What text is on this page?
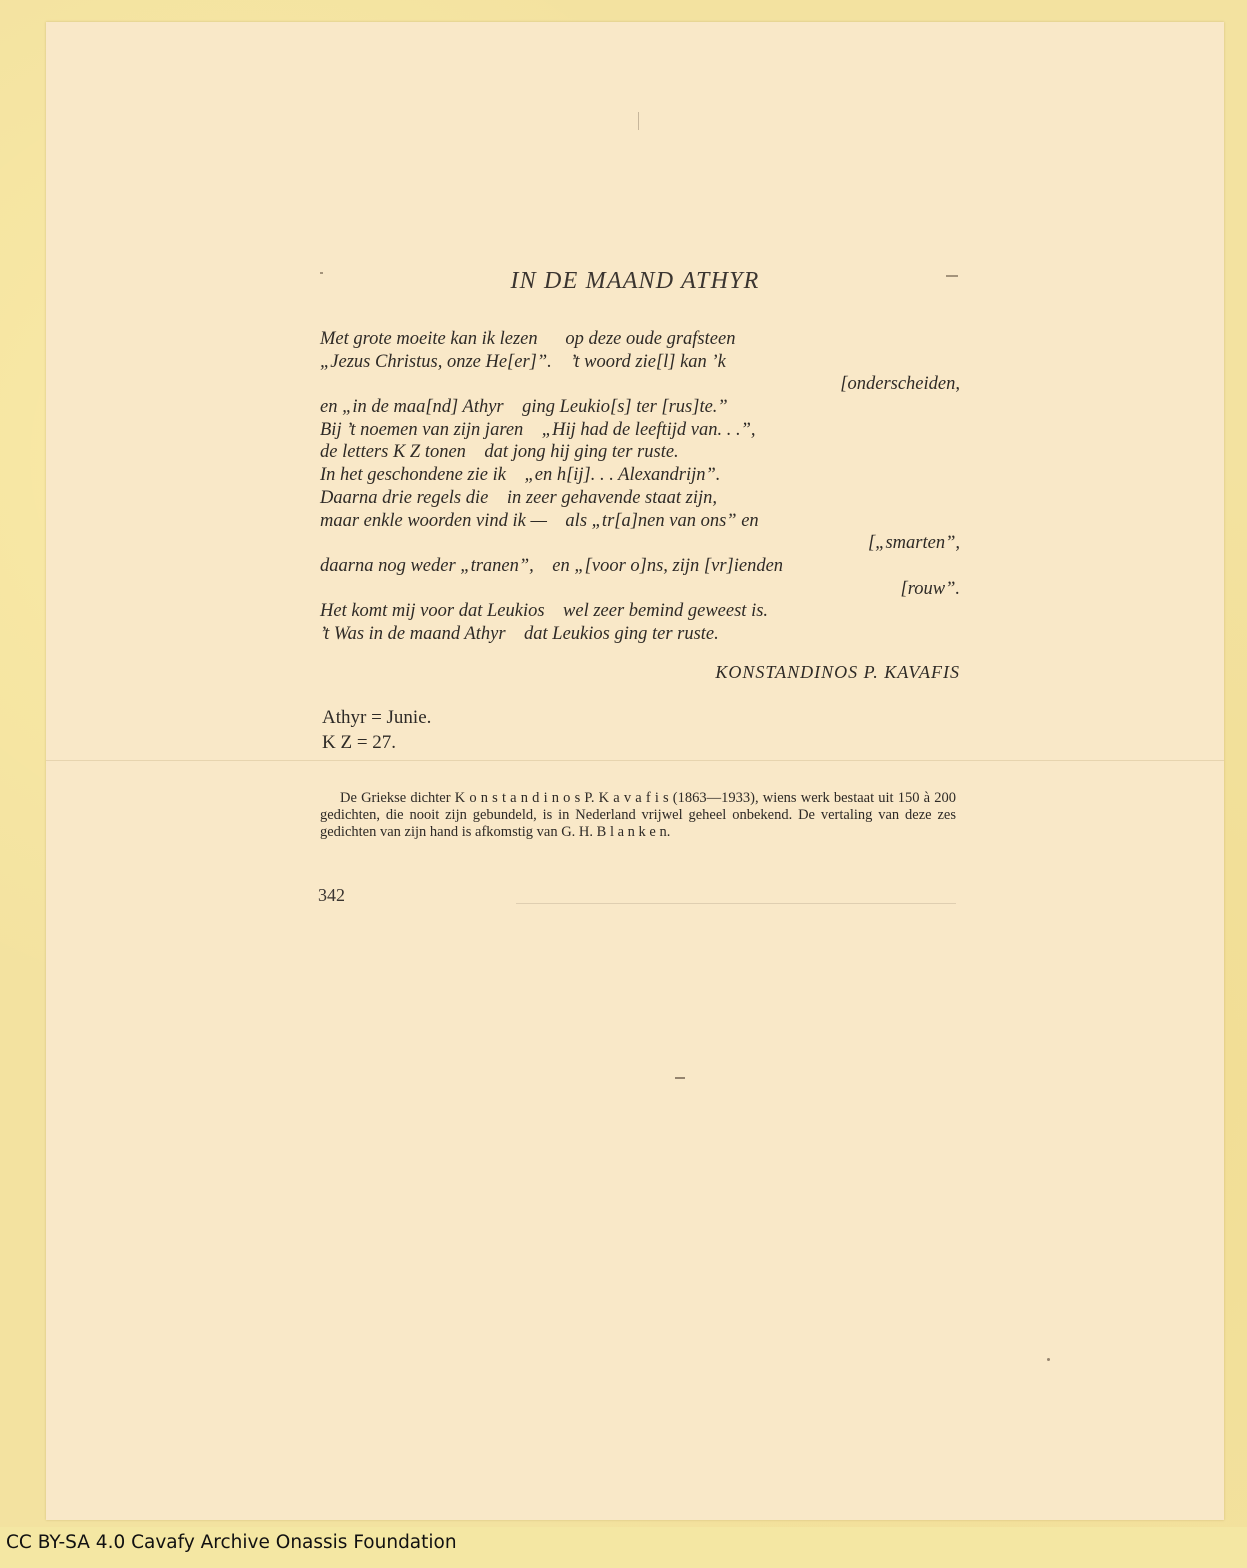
IN DE MAAND ATHYR
Met grote moeite kan ik lezen      op deze oude grafsteen
„Jezus Christus, onze He[er]”.    ’t woord zie[l] kan ’k
[onderscheiden,
en „in de maa[nd] Athyr    ging Leukio[s] ter [rus]te.”
Bij ’t noemen van zijn jaren    „Hij had de leeftijd van. . .”,
de letters K Z tonen    dat jong hij ging ter ruste.
In het geschondene zie ik    „en h[ij]. . . Alexandrijn”.
Daarna drie regels die    in zeer gehavende staat zijn,
maar enkle woorden vind ik —    als „tr[a]nen van ons” en
[„smarten”,
daarna nog weder „tranen”,    en „[voor o]ns, zijn [vr]ienden
[rouw”.
Het komt mij voor dat Leukios    wel zeer bemind geweest is.
’t Was in de maand Athyr    dat Leukios ging ter ruste.
KONSTANDINOS P. KAVAFIS
Athyr = Junie.
K Z = 27.

De Griekse dichter K o n s t a n d i n o s P. K a v a f i s (1863—1933), wiens werk bestaat uit 150 à 200 gedichten, die nooit zijn gebundeld, is in Nederland vrijwel geheel onbekend. De vertaling van deze zes gedichten van zijn hand is afkomstig van G. H. B l a n k e n.

342
CC BY-SA 4.0 Cavafy Archive Onassis Foundation
